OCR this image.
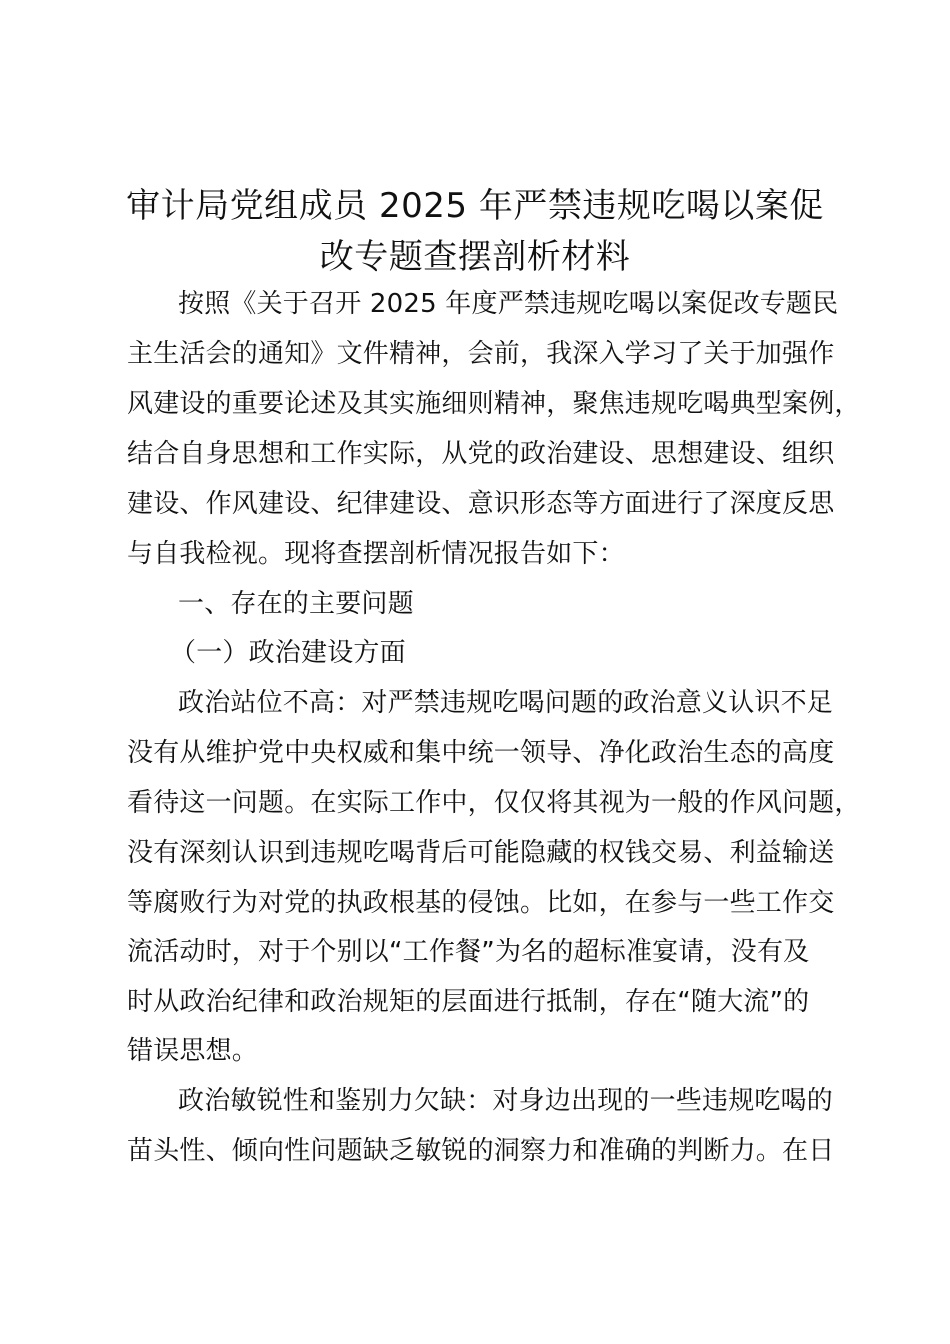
审计局党组成员 2025 年严禁违规吃喝以案促
改专题查摆剖析材料
按照《关于召开 2025 年度严禁违规吃喝以案促改专题民
主生活会的通知》文件精神，会前，我深入学习了关于加强作
风建设的重要论述及其实施细则精神，聚焦违规吃喝典型案例，
结合自身思想和工作实际，从党的政治建设、思想建设、组织
建设、作风建设、纪律建设、意识形态等方面进行了深度反思
与自我检视。现将查摆剖析情况报告如下：
一、存在的主要问题
（一）政治建设方面
政治站位不高：对严禁违规吃喝问题的政治意义认识不足
没有从维护党中央权威和集中统一领导、净化政治生态的高度
看待这一问题。在实际工作中，仅仅将其视为一般的作风问题，
没有深刻认识到违规吃喝背后可能隐藏的权钱交易、利益输送
等腐败行为对党的执政根基的侵蚀。比如，在参与一些工作交
流活动时，对于个别以“工作餐”为名的超标准宴请，没有及
时从政治纪律和政治规矩的层面进行抵制，存在“随大流”的
错误思想。
政治敏锐性和鉴别力欠缺：对身边出现的一些违规吃喝的
苗头性、倾向性问题缺乏敏锐的洞察力和准确的判断力。在日
